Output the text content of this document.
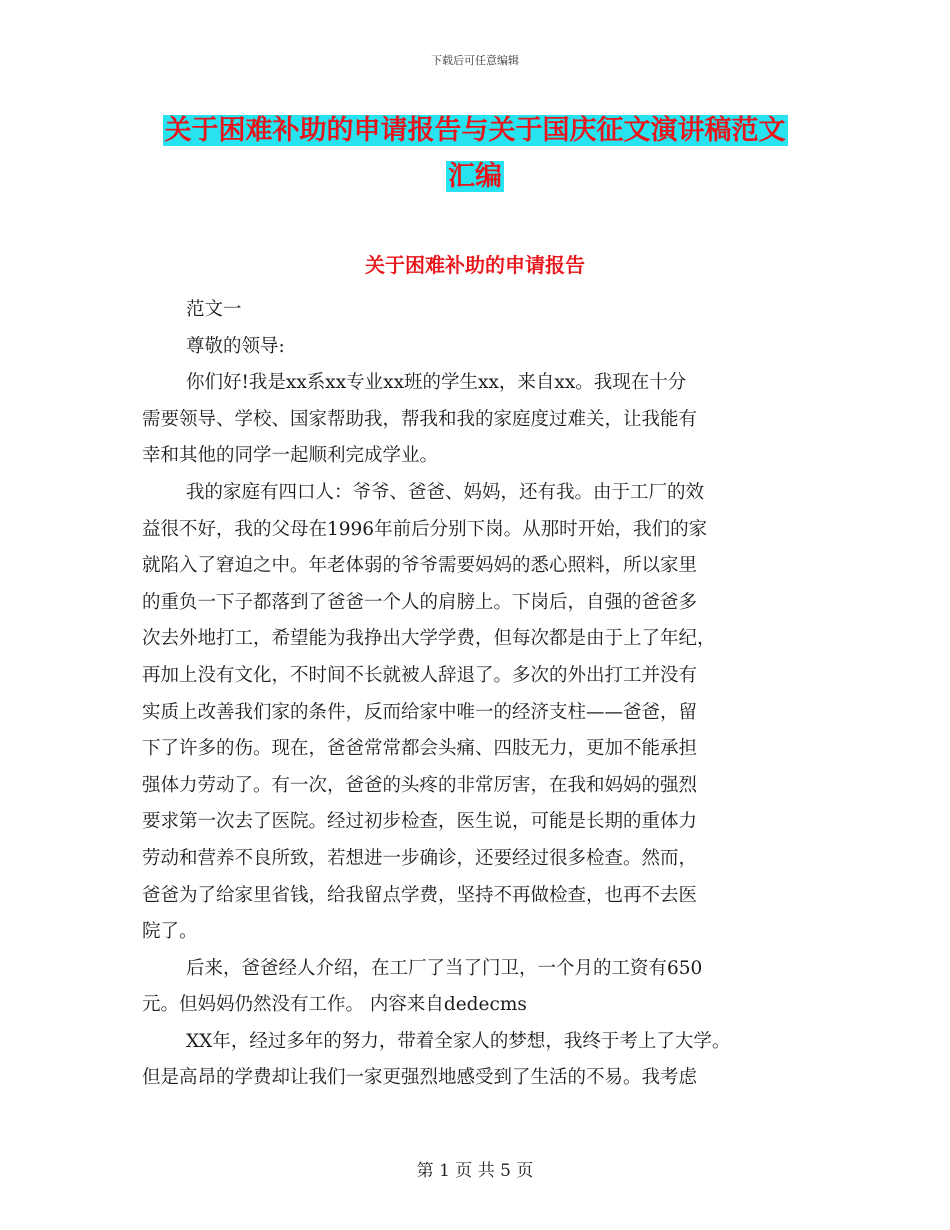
下载后可任意编辑
关于困难补助的申请报告与关于国庆征文演讲稿范文
汇编
关于困难补助的申请报告
范文一
尊敬的领导:
你们好!我是xx系xx专业xx班的学生xx，来自xx。我现在十分
需要领导、学校、国家帮助我，帮我和我的家庭度过难关，让我能有
幸和其他的同学一起顺利完成学业。
我的家庭有四口人：爷爷、爸爸、妈妈，还有我。由于工厂的效
益很不好，我的父母在1996年前后分别下岗。从那时开始，我们的家
就陷入了窘迫之中。年老体弱的爷爷需要妈妈的悉心照料，所以家里
的重负一下子都落到了爸爸一个人的肩膀上。下岗后，自强的爸爸多
次去外地打工，希望能为我挣出大学学费，但每次都是由于上了年纪，
再加上没有文化，不时间不长就被人辞退了。多次的外出打工并没有
实质上改善我们家的条件，反而给家中唯一的经济支柱——爸爸，留
下了许多的伤。现在，爸爸常常都会头痛、四肢无力，更加不能承担
强体力劳动了。有一次，爸爸的头疼的非常厉害，在我和妈妈的强烈
要求第一次去了医院。经过初步检查，医生说，可能是长期的重体力
劳动和营养不良所致，若想进一步确诊，还要经过很多检查。然而，
爸爸为了给家里省钱，给我留点学费，坚持不再做检查，也再不去医
院了。
后来，爸爸经人介绍，在工厂了当了门卫，一个月的工资有650
元。但妈妈仍然没有工作。 内容来自dedecms
XX年，经过多年的努力，带着全家人的梦想，我终于考上了大学。
但是高昂的学费却让我们一家更强烈地感受到了生活的不易。我考虑
第 1 页 共 5 页
